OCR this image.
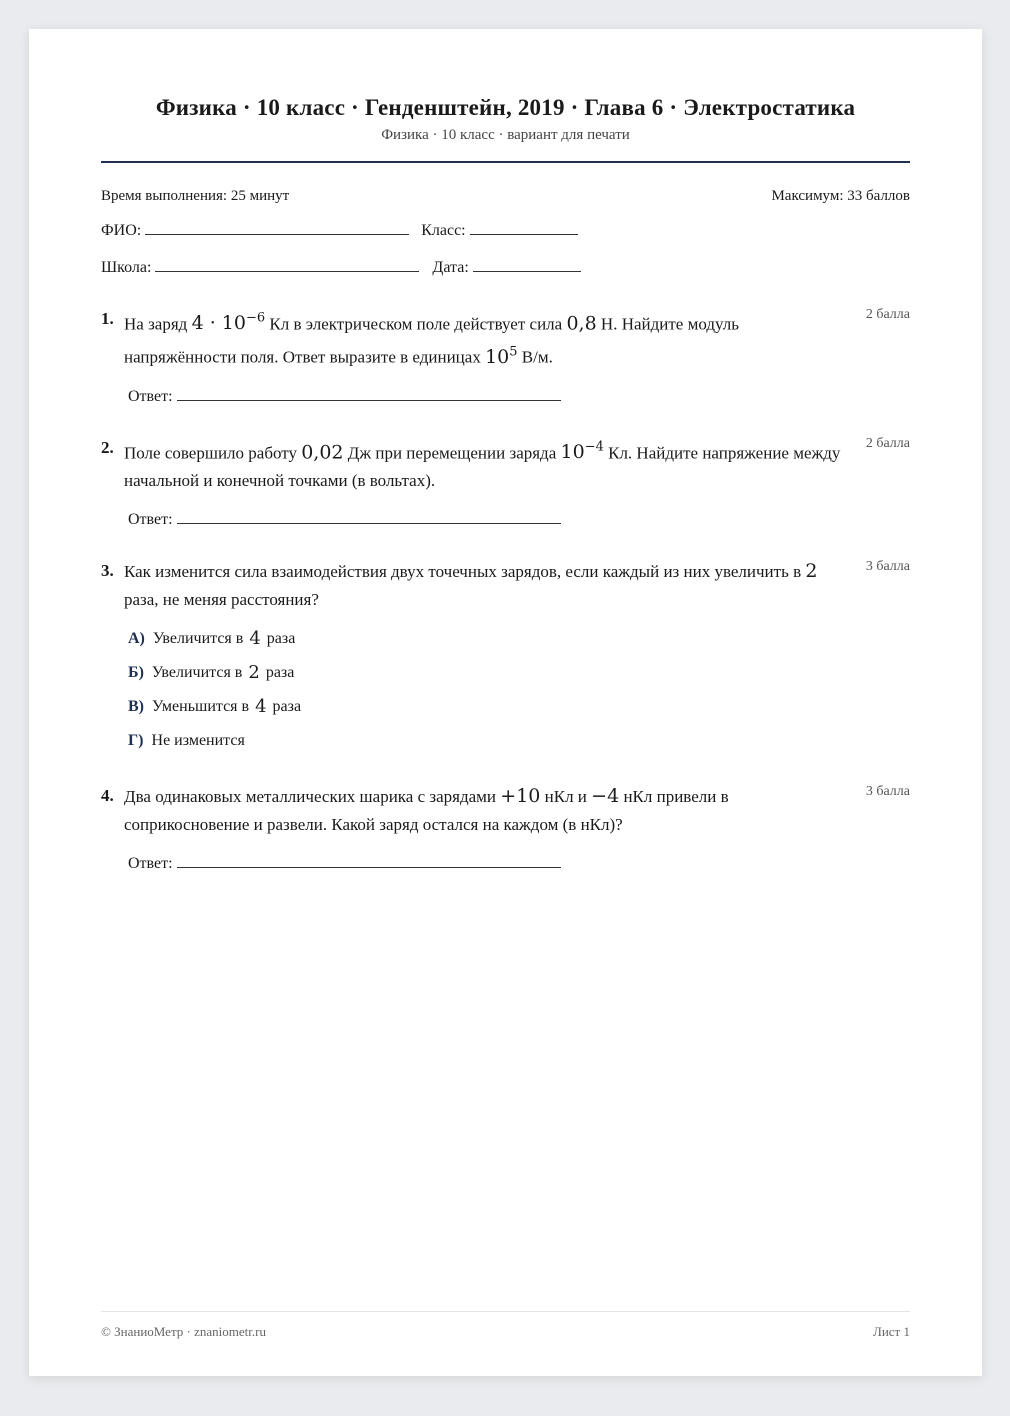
Физика · 10 класс · Генденштейн, 2019 · Глава 6 · Электростатика
Физика · 10 класс · вариант для печати
Время выполнения: 25 минут	Максимум: 33 баллов
ФИО:	Класс:
Школа:	Дата:
2 балла
1. На заряд $4 \cdot 10^{-6}$ Кл в электрическом поле действует сила 0,8 Н. Найдите модуль напряжённости поля. Ответ выразите в единицах $10^5$ В/м.
Ответ:
2 балла
2. Поле совершило работу 0,02 Дж при перемещении заряда $10^{-4}$ Кл. Найдите напряжение между начальной и конечной точками (в вольтах).
Ответ:
3 балла
3. Как изменится сила взаимодействия двух точечных зарядов, если каждый из них увеличить в 2 раза, не меняя расстояния?
А) Увеличится в 4 раза
Б) Увеличится в 2 раза
В) Уменьшится в 4 раза
Г) Не изменится
3 балла
4. Два одинаковых металлических шарика с зарядами +10 нКл и −4 нКл привели в соприкосновение и развели. Какой заряд остался на каждом (в нКл)?
Ответ:
© ЗнаниоМетр · znaniometr.ru	Лист 1
